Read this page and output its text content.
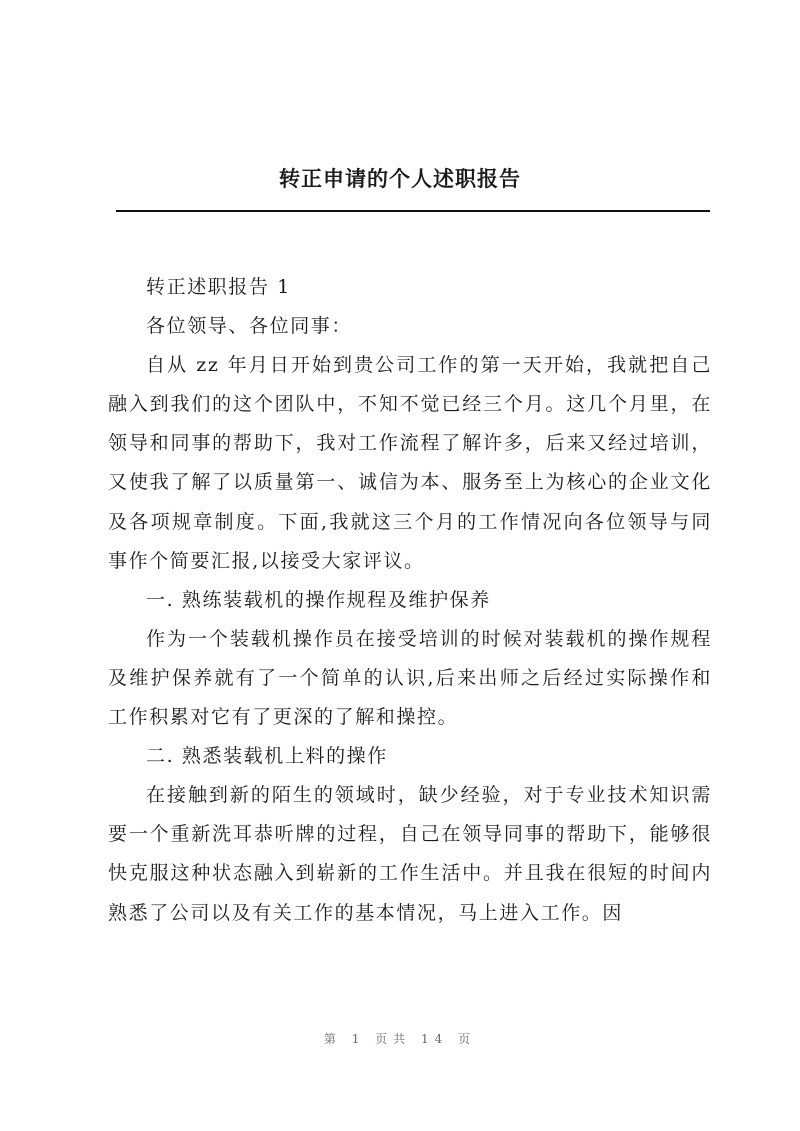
转正申请的个人述职报告

转正述职报告 1

各位领导、各位同事：

自从 zz 年月日开始到贵公司工作的第一天开始，我就把自己融入到我们的这个团队中，不知不觉已经三个月。这几个月里，在领导和同事的帮助下，我对工作流程了解许多，后来又经过培训，又使我了解了以质量第一、诚信为本、服务至上为核心的企业文化及各项规章制度。下面,我就这三个月的工作情况向各位领导与同事作个简要汇报,以接受大家评议。

一. 熟练装载机的操作规程及维护保养

作为一个装载机操作员在接受培训的时候对装载机的操作规程及维护保养就有了一个简单的认识,后来出师之后经过实际操作和工作积累对它有了更深的了解和操控。

二. 熟悉装载机上料的操作

在接触到新的陌生的领域时，缺少经验，对于专业技术知识需要一个重新洗耳恭听牌的过程，自己在领导同事的帮助下，能够很快克服这种状态融入到崭新的工作生活中。并且我在很短的时间内熟悉了公司以及有关工作的基本情况，马上进入工作。因

第 1 页共 14 页
